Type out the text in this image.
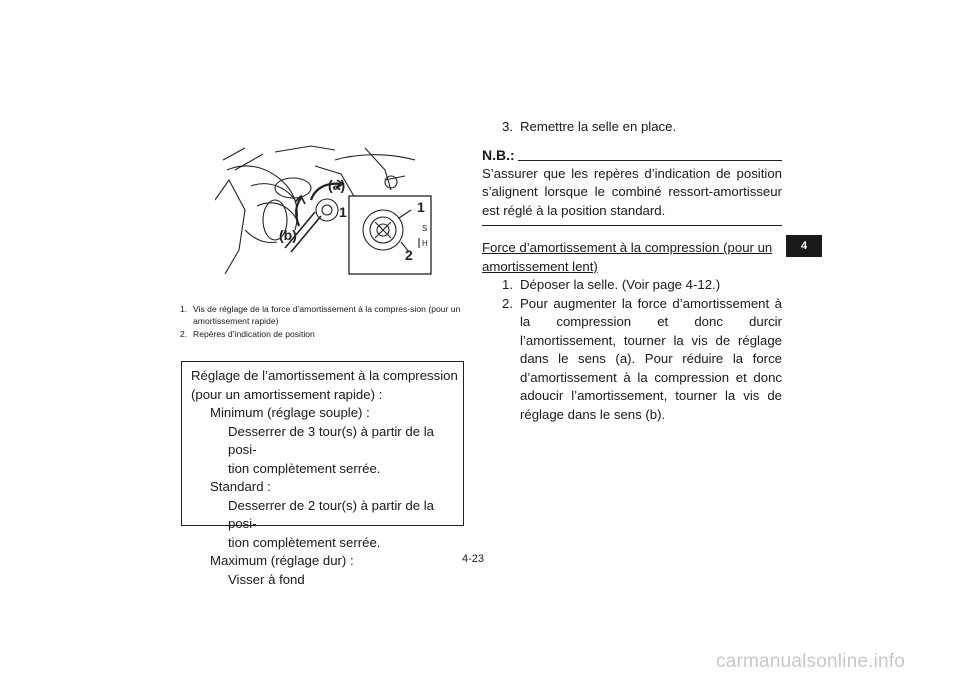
(a)
(b)
1	1
2
S
H
1. Vis de réglage de la force d’amortissement à la compres-sion (pour un amortissement rapide)
2. Repères d’indication de position
Réglage de l’amortissement à la compression
(pour un amortissement rapide) :
Minimum (réglage souple) :
Desserrer de 3 tour(s) à partir de la posi-
tion complètement serrée.
Standard :
Desserrer de 2 tour(s) à partir de la posi-
tion complètement serrée.
Maximum (réglage dur) :
Visser à fond
3. Remettre la selle en place.
N.B.:
S’assurer que les repères d’indication de position s’alignent lorsque le combiné ressort-amortisseur est réglé à la position standard.
Force d’amortissement à la compression (pour un amortissement lent)
1. Déposer la selle. (Voir page 4-12.)
2. Pour augmenter la force d’amortissement à la compression et donc durcir l’amortissement, tourner la vis de réglage dans le sens (a). Pour réduire la force d’amortissement à la compression et donc adoucir l’amortissement, tourner la vis de réglage dans le sens (b).
4
4-23
carmanualsonline.info
